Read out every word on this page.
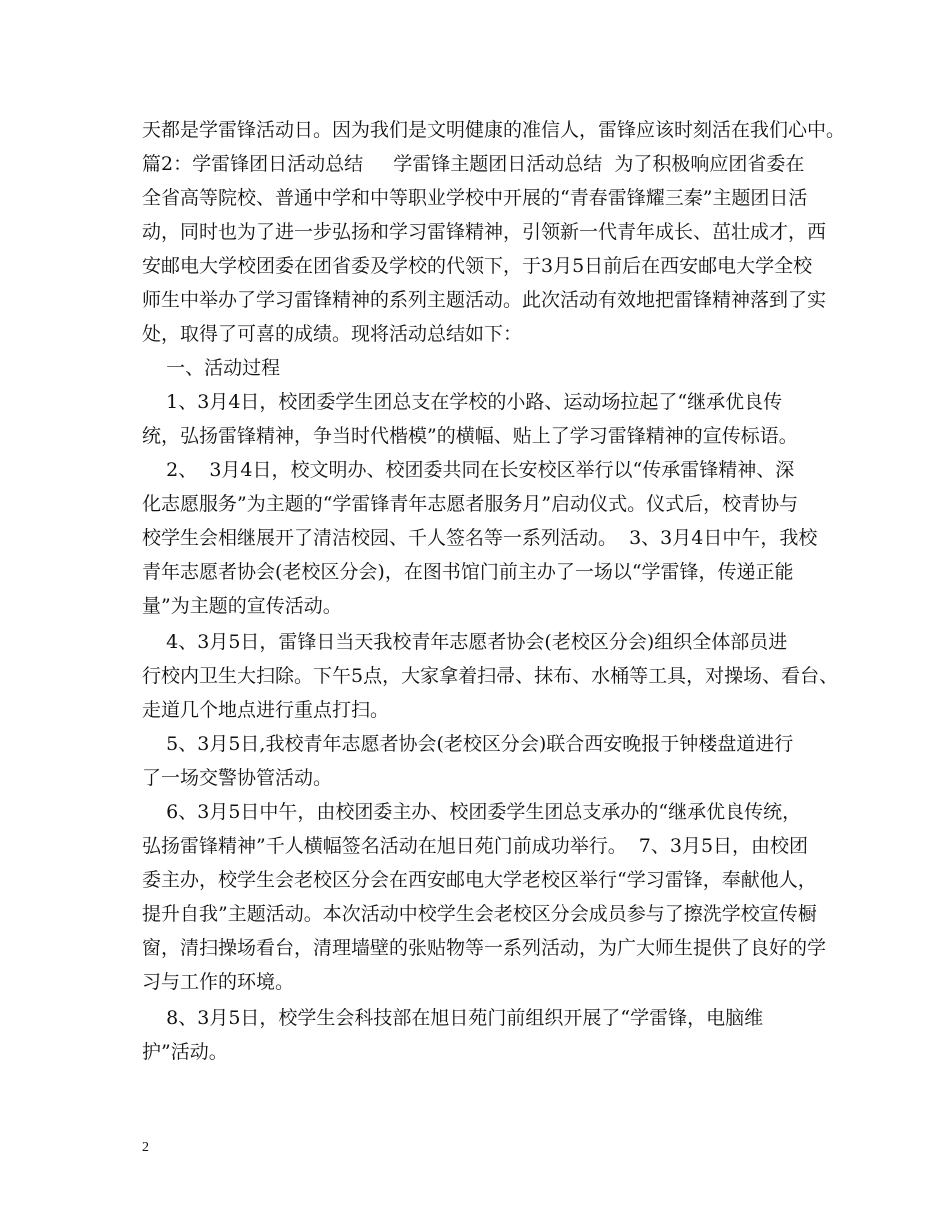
天都是学雷锋活动日。因为我们是文明健康的准信人，雷锋应该时刻活在我们心中。
篇2：学雷锋团日活动总结     学雷锋主题团日活动总结  为了积极响应团省委在
全省高等院校、普通中学和中等职业学校中开展的“青春雷锋耀三秦”主题团日活
动，同时也为了进一步弘扬和学习雷锋精神，引领新一代青年成长、茁壮成才，西
安邮电大学校团委在团省委及学校的代领下，于3月5日前后在西安邮电大学全校
师生中举办了学习雷锋精神的系列主题活动。此次活动有效地把雷锋精神落到了实
处，取得了可喜的成绩。现将活动总结如下：
一、活动过程
1、3月4日，校团委学生团总支在学校的小路、运动场拉起了“继承优良传
统，弘扬雷锋精神，争当时代楷模”的横幅、贴上了学习雷锋精神的宣传标语。
2、  3月4日，校文明办、校团委共同在长安校区举行以“传承雷锋精神、深
化志愿服务”为主题的“学雷锋青年志愿者服务月”启动仪式。仪式后，校青协与
校学生会相继展开了清洁校园、千人签名等一系列活动。  3、3月4日中午，我校
青年志愿者协会(老校区分会)，在图书馆门前主办了一场以“学雷锋，传递正能
量”为主题的宣传活动。
4、3月5日，雷锋日当天我校青年志愿者协会(老校区分会)组织全体部员进
行校内卫生大扫除。下午5点，大家拿着扫帚、抹布、水桶等工具，对操场、看台、
走道几个地点进行重点打扫。
5、3月5日,我校青年志愿者协会(老校区分会)联合西安晚报于钟楼盘道进行
了一场交警协管活动。
6、3月5日中午，由校团委主办、校团委学生团总支承办的“继承优良传统，
弘扬雷锋精神”千人横幅签名活动在旭日苑门前成功举行。  7、3月5日，由校团
委主办，校学生会老校区分会在西安邮电大学老校区举行“学习雷锋，奉献他人，
提升自我”主题活动。本次活动中校学生会老校区分会成员参与了擦洗学校宣传橱
窗，清扫操场看台，清理墙壁的张贴物等一系列活动，为广大师生提供了良好的学
习与工作的环境。
8、3月5日，校学生会科技部在旭日苑门前组织开展了“学雷锋，电脑维
护”活动。
2
